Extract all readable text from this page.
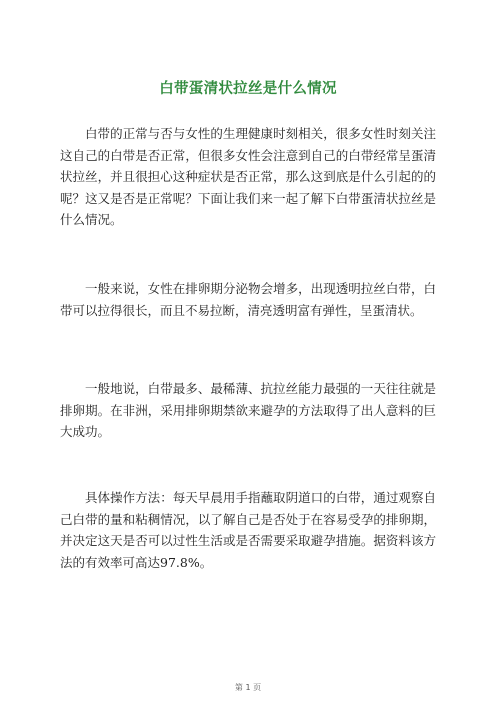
白带蛋清状拉丝是什么情况

白带的正常与否与女性的生理健康时刻相关，很多女性时刻关注这自己的白带是否正常，但很多女性会注意到自己的白带经常呈蛋清状拉丝，并且很担心这种症状是否正常，那么这到底是什么引起的的呢？这又是否是正常呢？下面让我们来一起了解下白带蛋清状拉丝是什么情况。

一般来说，女性在排卵期分泌物会增多，出现透明拉丝白带，白带可以拉得很长，而且不易拉断，清亮透明富有弹性，呈蛋清状。

一般地说，白带最多、最稀薄、抗拉丝能力最强的一天往往就是排卵期。在非洲，采用排卵期禁欲来避孕的方法取得了出人意料的巨大成功。

具体操作方法：每天早晨用手指蘸取阴道口的白带，通过观察自己白带的量和粘稠情况，以了解自己是否处于在容易受孕的排卵期，并决定这天是否可以过性生活或是否需要采取避孕措施。据资料该方法的有效率可高达97.8%。

第 1 页
